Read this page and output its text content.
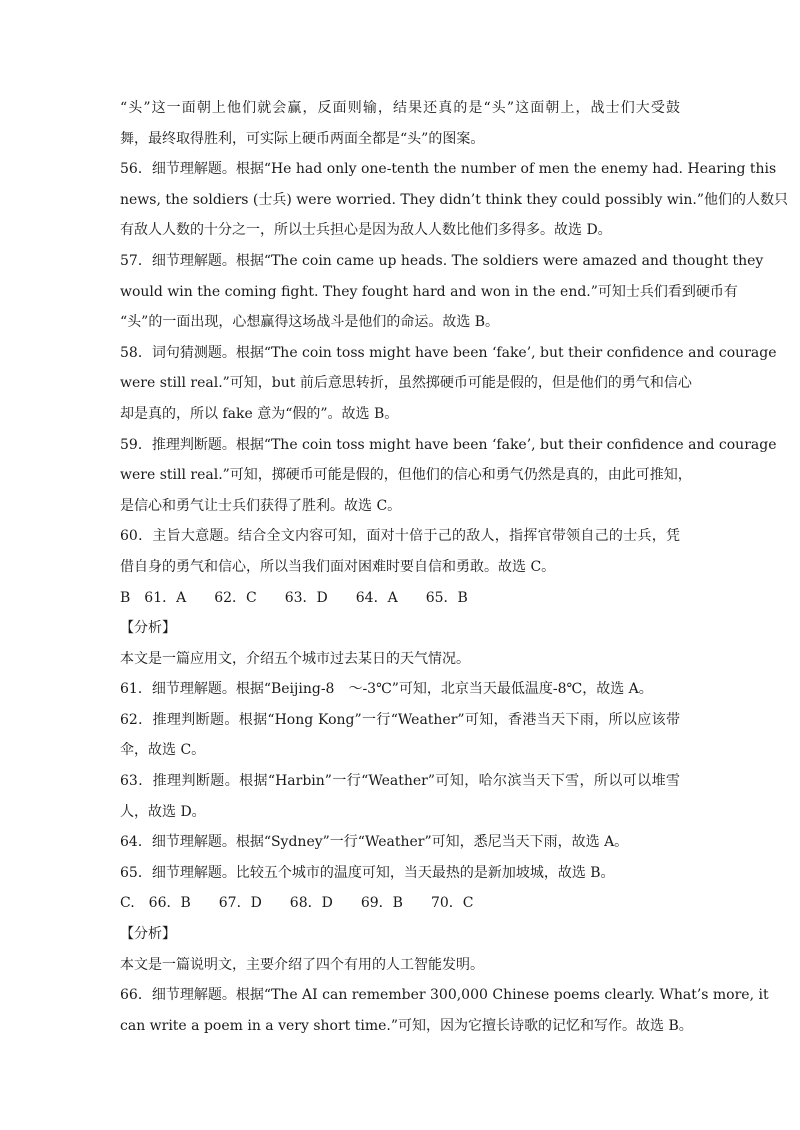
“头”这一面朝上他们就会赢，反面则输，结果还真的是“头”这面朝上，战士们大受鼓
舞，最终取得胜利，可实际上硬币两面全都是“头”的图案。
56．细节理解题。根据“He had only one-tenth the number of men the enemy had. Hearing this
news, the soldiers (士兵) were worried. They didn’t think they could possibly win.”他们的人数只
有敌人人数的十分之一，所以士兵担心是因为敌人人数比他们多得多。故选 D。
57．细节理解题。根据“The coin came up heads. The soldiers were amazed and thought they
would win the coming fight. They fought hard and won in the end.”可知士兵们看到硬币有
“头”的一面出现，心想赢得这场战斗是他们的命运。故选 B。
58．词句猜测题。根据“The coin toss might have been ‘fake’, but their confidence and courage
were still real.”可知，but 前后意思转折，虽然掷硬币可能是假的，但是他们的勇气和信心
却是真的，所以 fake 意为“假的”。故选 B。
59．推理判断题。根据“The coin toss might have been ‘fake’, but their confidence and courage
were still real.”可知，掷硬币可能是假的，但他们的信心和勇气仍然是真的，由此可推知，
是信心和勇气让士兵们获得了胜利。故选 C。
60．主旨大意题。结合全文内容可知，面对十倍于己的敌人，指挥官带领自己的士兵，凭
借自身的勇气和信心，所以当我们面对困难时要自信和勇敢。故选 C。
B　61．A　　62．C　　63．D　　64．A　　65．B
【分析】
本文是一篇应用文，介绍五个城市过去某日的天气情况。
61．细节理解题。根据“Beijing-8　～-3℃”可知，北京当天最低温度-8℃，故选 A。
62．推理判断题。根据“Hong Kong”一行“Weather”可知，香港当天下雨，所以应该带
伞，故选 C。
63．推理判断题。根据“Harbin”一行“Weather”可知，哈尔滨当天下雪，所以可以堆雪
人，故选 D。
64．细节理解题。根据“Sydney”一行“Weather”可知，悉尼当天下雨，故选 A。
65．细节理解题。比较五个城市的温度可知，当天最热的是新加坡城，故选 B。
C.　66．B　　67．D　　68．D　　69．B　　70．C
【分析】
本文是一篇说明文，主要介绍了四个有用的人工智能发明。
66．细节理解题。根据“The AI can remember 300,000 Chinese poems clearly. What’s more, it
can write a poem in a very short time.”可知，因为它擅长诗歌的记忆和写作。故选 B。
